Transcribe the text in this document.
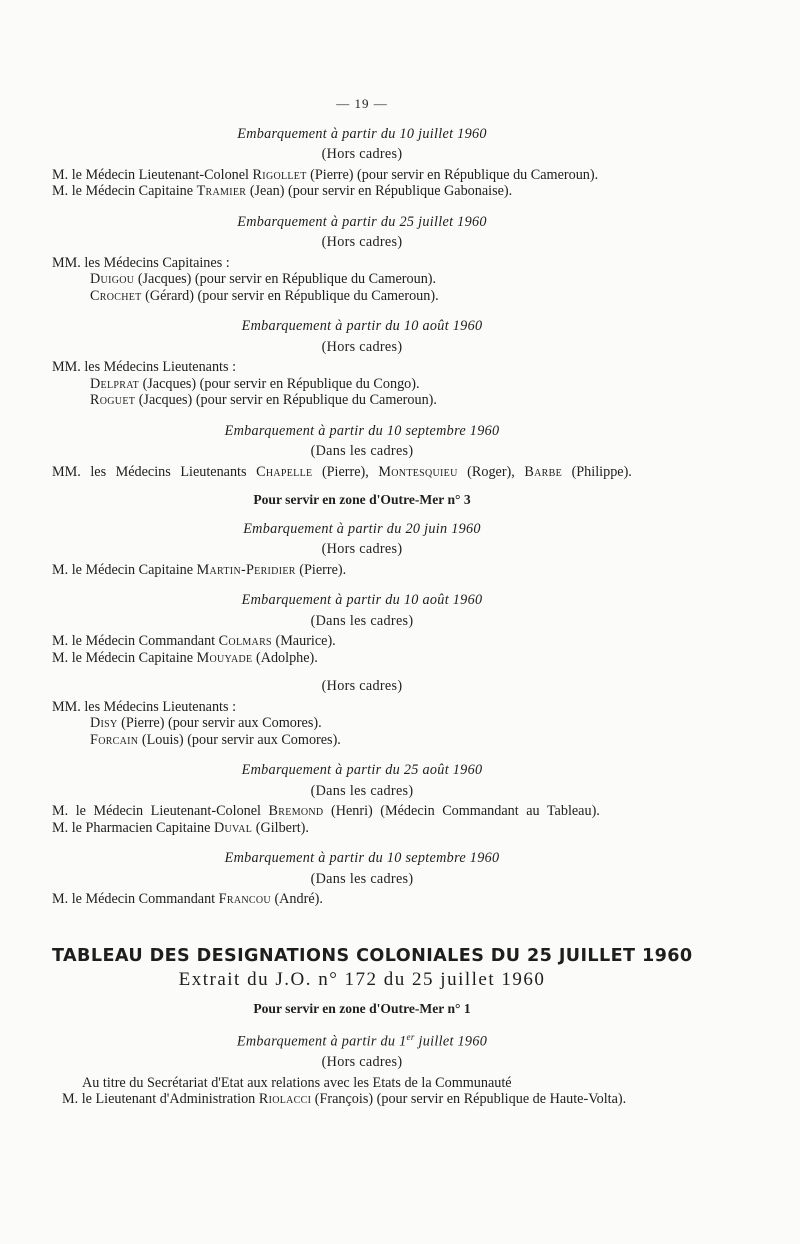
— 19 —
Embarquement à partir du 10 juillet 1960
(Hors cadres)

M. le Médecin Lieutenant-Colonel Rigollet (Pierre) (pour servir en République du Cameroun).

M. le Médecin Capitaine Tramier (Jean) (pour servir en République Gabonaise).

Embarquement à partir du 25 juillet 1960
(Hors cadres)

MM. les Médecins Capitaines :

Duigou (Jacques) (pour servir en République du Cameroun).

Crochet (Gérard) (pour servir en République du Cameroun).

Embarquement à partir du 10 août 1960
(Hors cadres)

MM. les Médecins Lieutenants :

Delprat (Jacques) (pour servir en République du Congo).

Roguet (Jacques) (pour servir en République du Cameroun).

Embarquement à partir du 10 septembre 1960
(Dans les cadres)

MM. les Médecins Lieutenants Chapelle (Pierre), Montesquieu (Roger), Barbe (Philippe).

Pour servir en zone d'Outre-Mer n° 3
Embarquement à partir du 20 juin 1960
(Hors cadres)

M. le Médecin Capitaine Martin-Peridier (Pierre).

Embarquement à partir du 10 août 1960
(Dans les cadres)

M. le Médecin Commandant Colmars (Maurice).

M. le Médecin Capitaine Mouyade (Adolphe).

(Hors cadres)

MM. les Médecins Lieutenants :

Disy (Pierre) (pour servir aux Comores).

Forcain (Louis) (pour servir aux Comores).

Embarquement à partir du 25 août 1960
(Dans les cadres)

M. le Médecin Lieutenant-Colonel Bremond (Henri) (Médecin Commandant au Tableau).

M. le Pharmacien Capitaine Duval (Gilbert).

Embarquement à partir du 10 septembre 1960
(Dans les cadres)

M. le Médecin Commandant Francou (André).

TABLEAU DES DESIGNATIONS COLONIALES DU 25 JUILLET 1960
Extrait du J.O. n° 172 du 25 juillet 1960
Pour servir en zone d'Outre-Mer n° 1
Embarquement à partir du 1er juillet 1960
(Hors cadres)

Au titre du Secrétariat d'Etat aux relations avec les Etats de la Communauté

M. le Lieutenant d'Administration Riolacci (François) (pour servir en République de Haute-Volta).
